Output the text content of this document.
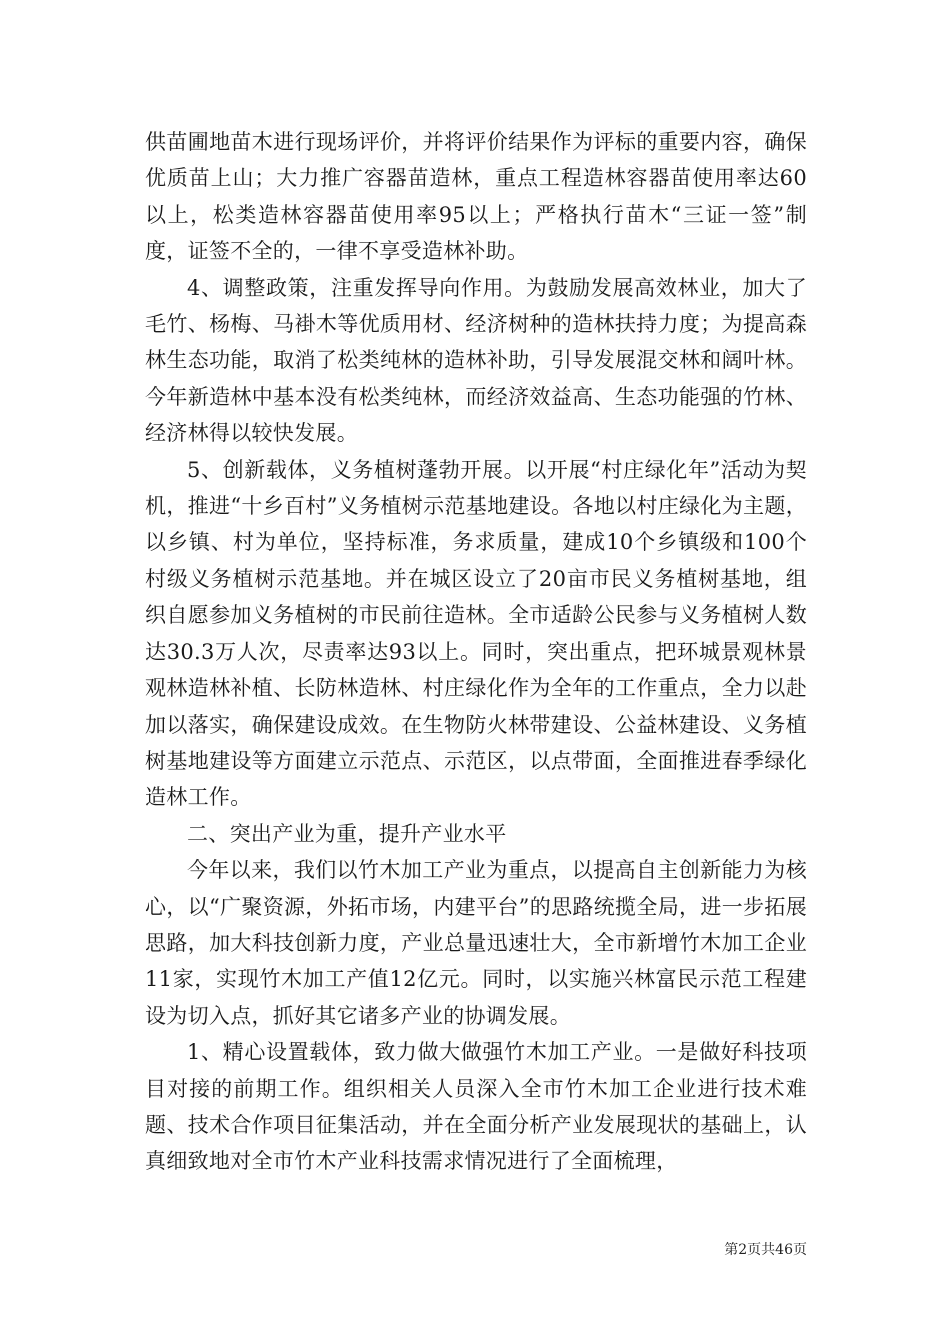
供苗圃地苗木进行现场评价，并将评价结果作为评标的重要内容，确保优质苗上山；大力推广容器苗造林，重点工程造林容器苗使用率达60以上，松类造林容器苗使用率95以上；严格执行苗木“三证一签”制度，证签不全的，一律不享受造林补助。

4、调整政策，注重发挥导向作用。为鼓励发展高效林业，加大了毛竹、杨梅、马褂木等优质用材、经济树种的造林扶持力度；为提高森林生态功能，取消了松类纯林的造林补助，引导发展混交林和阔叶林。今年新造林中基本没有松类纯林，而经济效益高、生态功能强的竹林、经济林得以较快发展。

5、创新载体，义务植树蓬勃开展。以开展“村庄绿化年”活动为契机，推进“十乡百村”义务植树示范基地建设。各地以村庄绿化为主题，以乡镇、村为单位，坚持标准，务求质量，建成10个乡镇级和100个村级义务植树示范基地。并在城区设立了20亩市民义务植树基地，组织自愿参加义务植树的市民前往造林。全市适龄公民参与义务植树人数达30.3万人次，尽责率达93以上。同时，突出重点，把环城景观林景观林造林补植、长防林造林、村庄绿化作为全年的工作重点，全力以赴加以落实，确保建设成效。在生物防火林带建设、公益林建设、义务植树基地建设等方面建立示范点、示范区，以点带面，全面推进春季绿化造林工作。

二、突出产业为重，提升产业水平

今年以来，我们以竹木加工产业为重点，以提高自主创新能力为核心，以“广聚资源，外拓市场，内建平台”的思路统揽全局，进一步拓展思路，加大科技创新力度，产业总量迅速壮大，全市新增竹木加工企业11家，实现竹木加工产值12亿元。同时，以实施兴林富民示范工程建设为切入点，抓好其它诸多产业的协调发展。

1、精心设置载体，致力做大做强竹木加工产业。一是做好科技项目对接的前期工作。组织相关人员深入全市竹木加工企业进行技术难题、技术合作项目征集活动，并在全面分析产业发展现状的基础上，认真细致地对全市竹木产业科技需求情况进行了全面梳理，

第2页共46页
